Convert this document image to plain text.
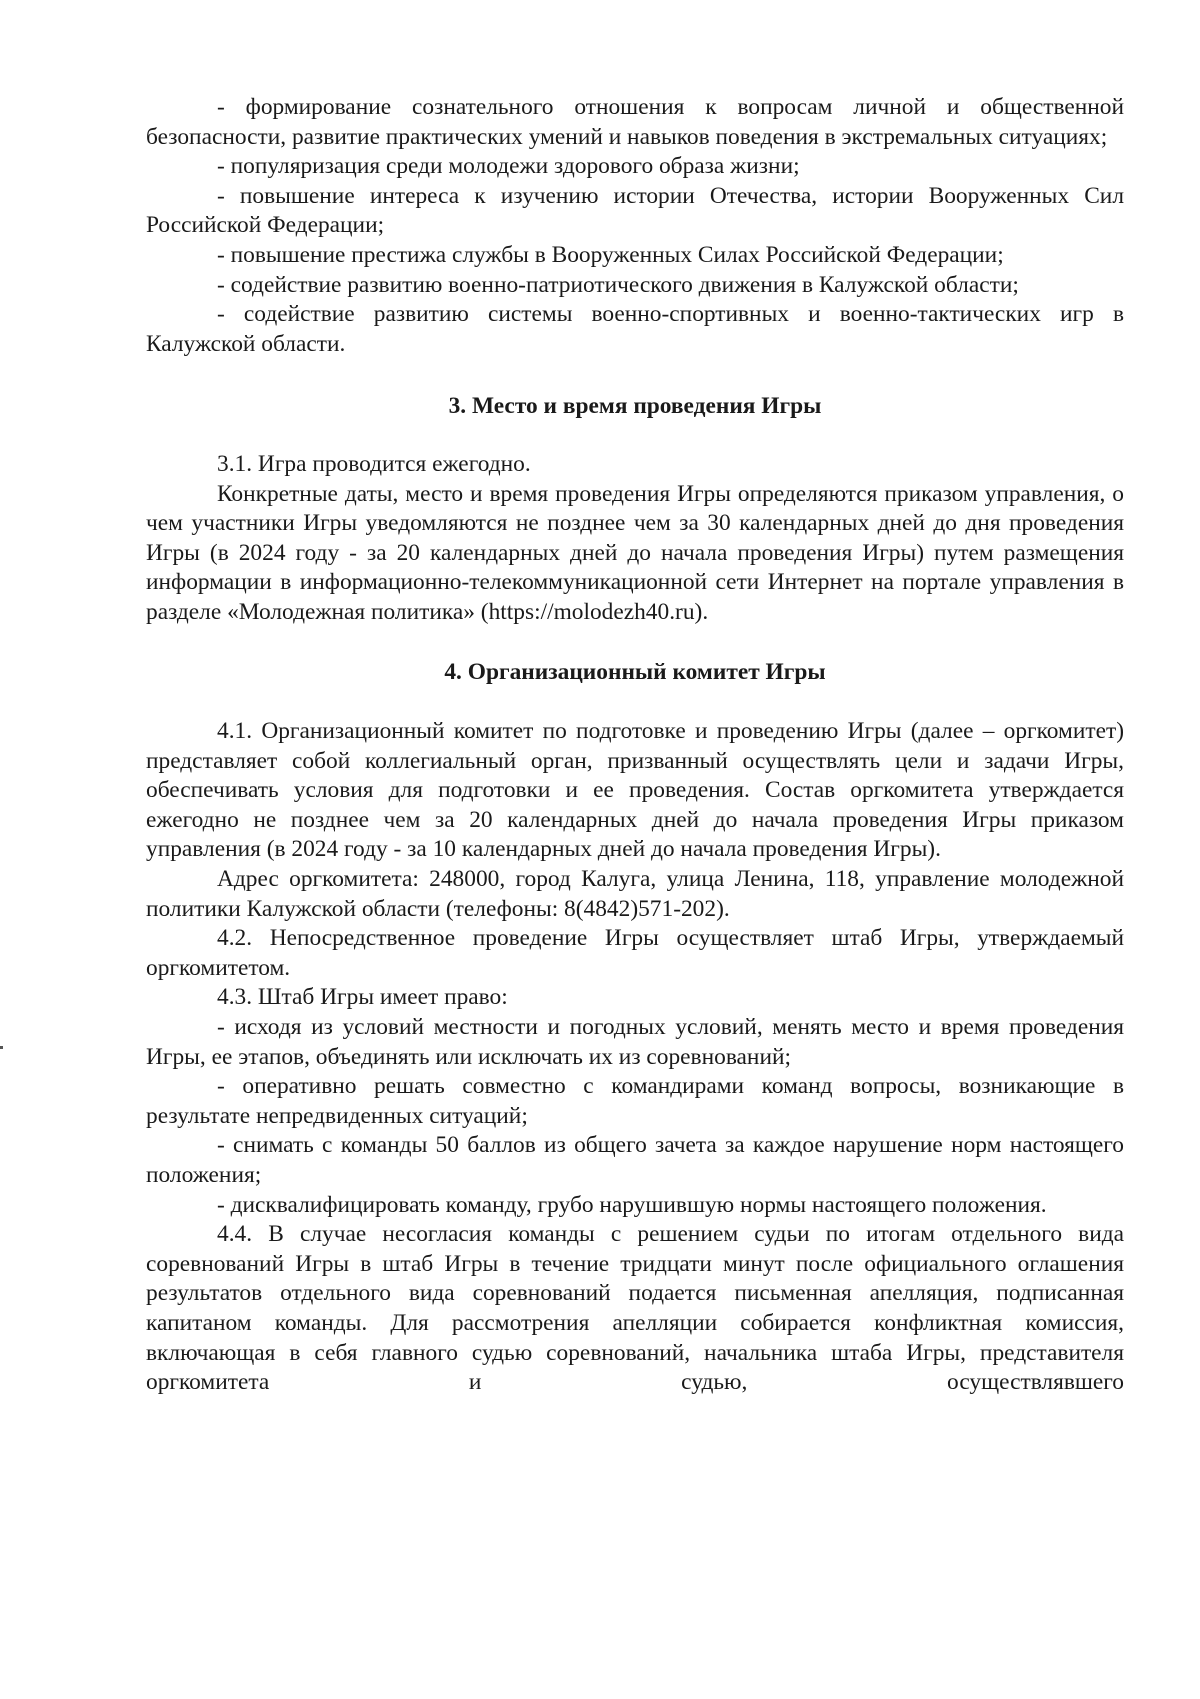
- формирование сознательного отношения к вопросам личной и общественной безопасности, развитие практических умений и навыков поведения в экстремальных ситуациях;

- популяризация среди молодежи здорового образа жизни;

- повышение интереса к изучению истории Отечества, истории Вооруженных Сил Российской Федерации;

- повышение престижа службы в Вооруженных Силах Российской Федерации;

- содействие развитию военно-патриотического движения в Калужской области;

- содействие развитию системы военно-спортивных и военно-тактических игр в Калужской области.

3. Место и время проведения Игры

3.1. Игра проводится ежегодно.

Конкретные даты, место и время проведения Игры определяются приказом управления, о чем участники Игры уведомляются не позднее чем за 30 календарных дней до дня проведения Игры (в 2024 году - за 20 календарных дней до начала проведения Игры) путем размещения информации в информационно-телекоммуникационной сети Интернет на портале управления в разделе «Молодежная политика» (https://molodezh40.ru).

4. Организационный комитет Игры

4.1. Организационный комитет по подготовке и проведению Игры (далее – оргкомитет) представляет собой коллегиальный орган, призванный осуществлять цели и задачи Игры, обеспечивать условия для подготовки и ее проведения. Состав оргкомитета утверждается ежегодно не позднее чем за 20 календарных дней до начала проведения Игры приказом управления (в 2024 году - за 10 календарных дней до начала проведения Игры).

Адрес оргкомитета: 248000, город Калуга, улица Ленина, 118, управление молодежной политики Калужской области (телефоны: 8(4842)571-202).

4.2. Непосредственное проведение Игры осуществляет штаб Игры, утверждаемый оргкомитетом.

4.3. Штаб Игры имеет право:

- исходя из условий местности и погодных условий, менять место и время проведения Игры, ее этапов, объединять или исключать их из соревнований;

- оперативно решать совместно с командирами команд вопросы, возникающие в результате непредвиденных ситуаций;

- снимать с команды 50 баллов из общего зачета за каждое нарушение норм настоящего положения;

- дисквалифицировать команду, грубо нарушившую нормы настоящего положения.

4.4. В случае несогласия команды с решением судьи по итогам отдельного вида соревнований Игры в штаб Игры в течение тридцати минут после официального оглашения результатов отдельного вида соревнований подается письменная апелляция, подписанная капитаном команды. Для рассмотрения апелляции собирается конфликтная комиссия, включающая в себя главного судью соревнований, начальника штаба Игры, представителя оргкомитета и судью, осуществлявшего
